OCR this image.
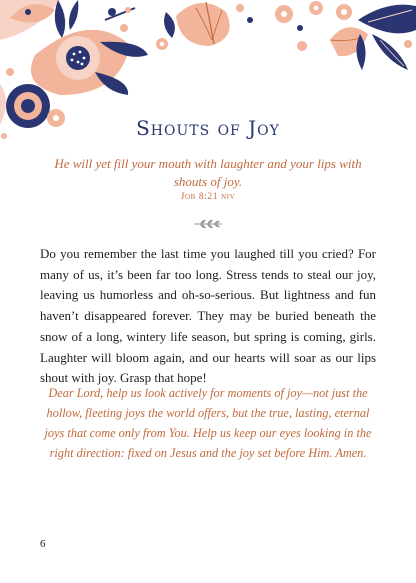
Shouts of Joy
He will yet fill your mouth with laughter and your lips with shouts of joy.
Job 8:21 niv
Do you remember the last time you laughed till you cried? For many of us, it’s been far too long. Stress tends to steal our joy, leaving us humorless and oh-so-serious. But lightness and fun haven’t disappeared forever. They may be buried beneath the snow of a long, wintery life season, but spring is coming, girls. Laughter will bloom again, and our hearts will soar as our lips shout with joy. Grasp that hope!
Dear Lord, help us look actively for moments of joy—not just the hollow, fleeting joys the world offers, but the true, lasting, eternal joys that come only from You. Help us keep our eyes looking in the right direction: fixed on Jesus and the joy set before Him. Amen.
6
